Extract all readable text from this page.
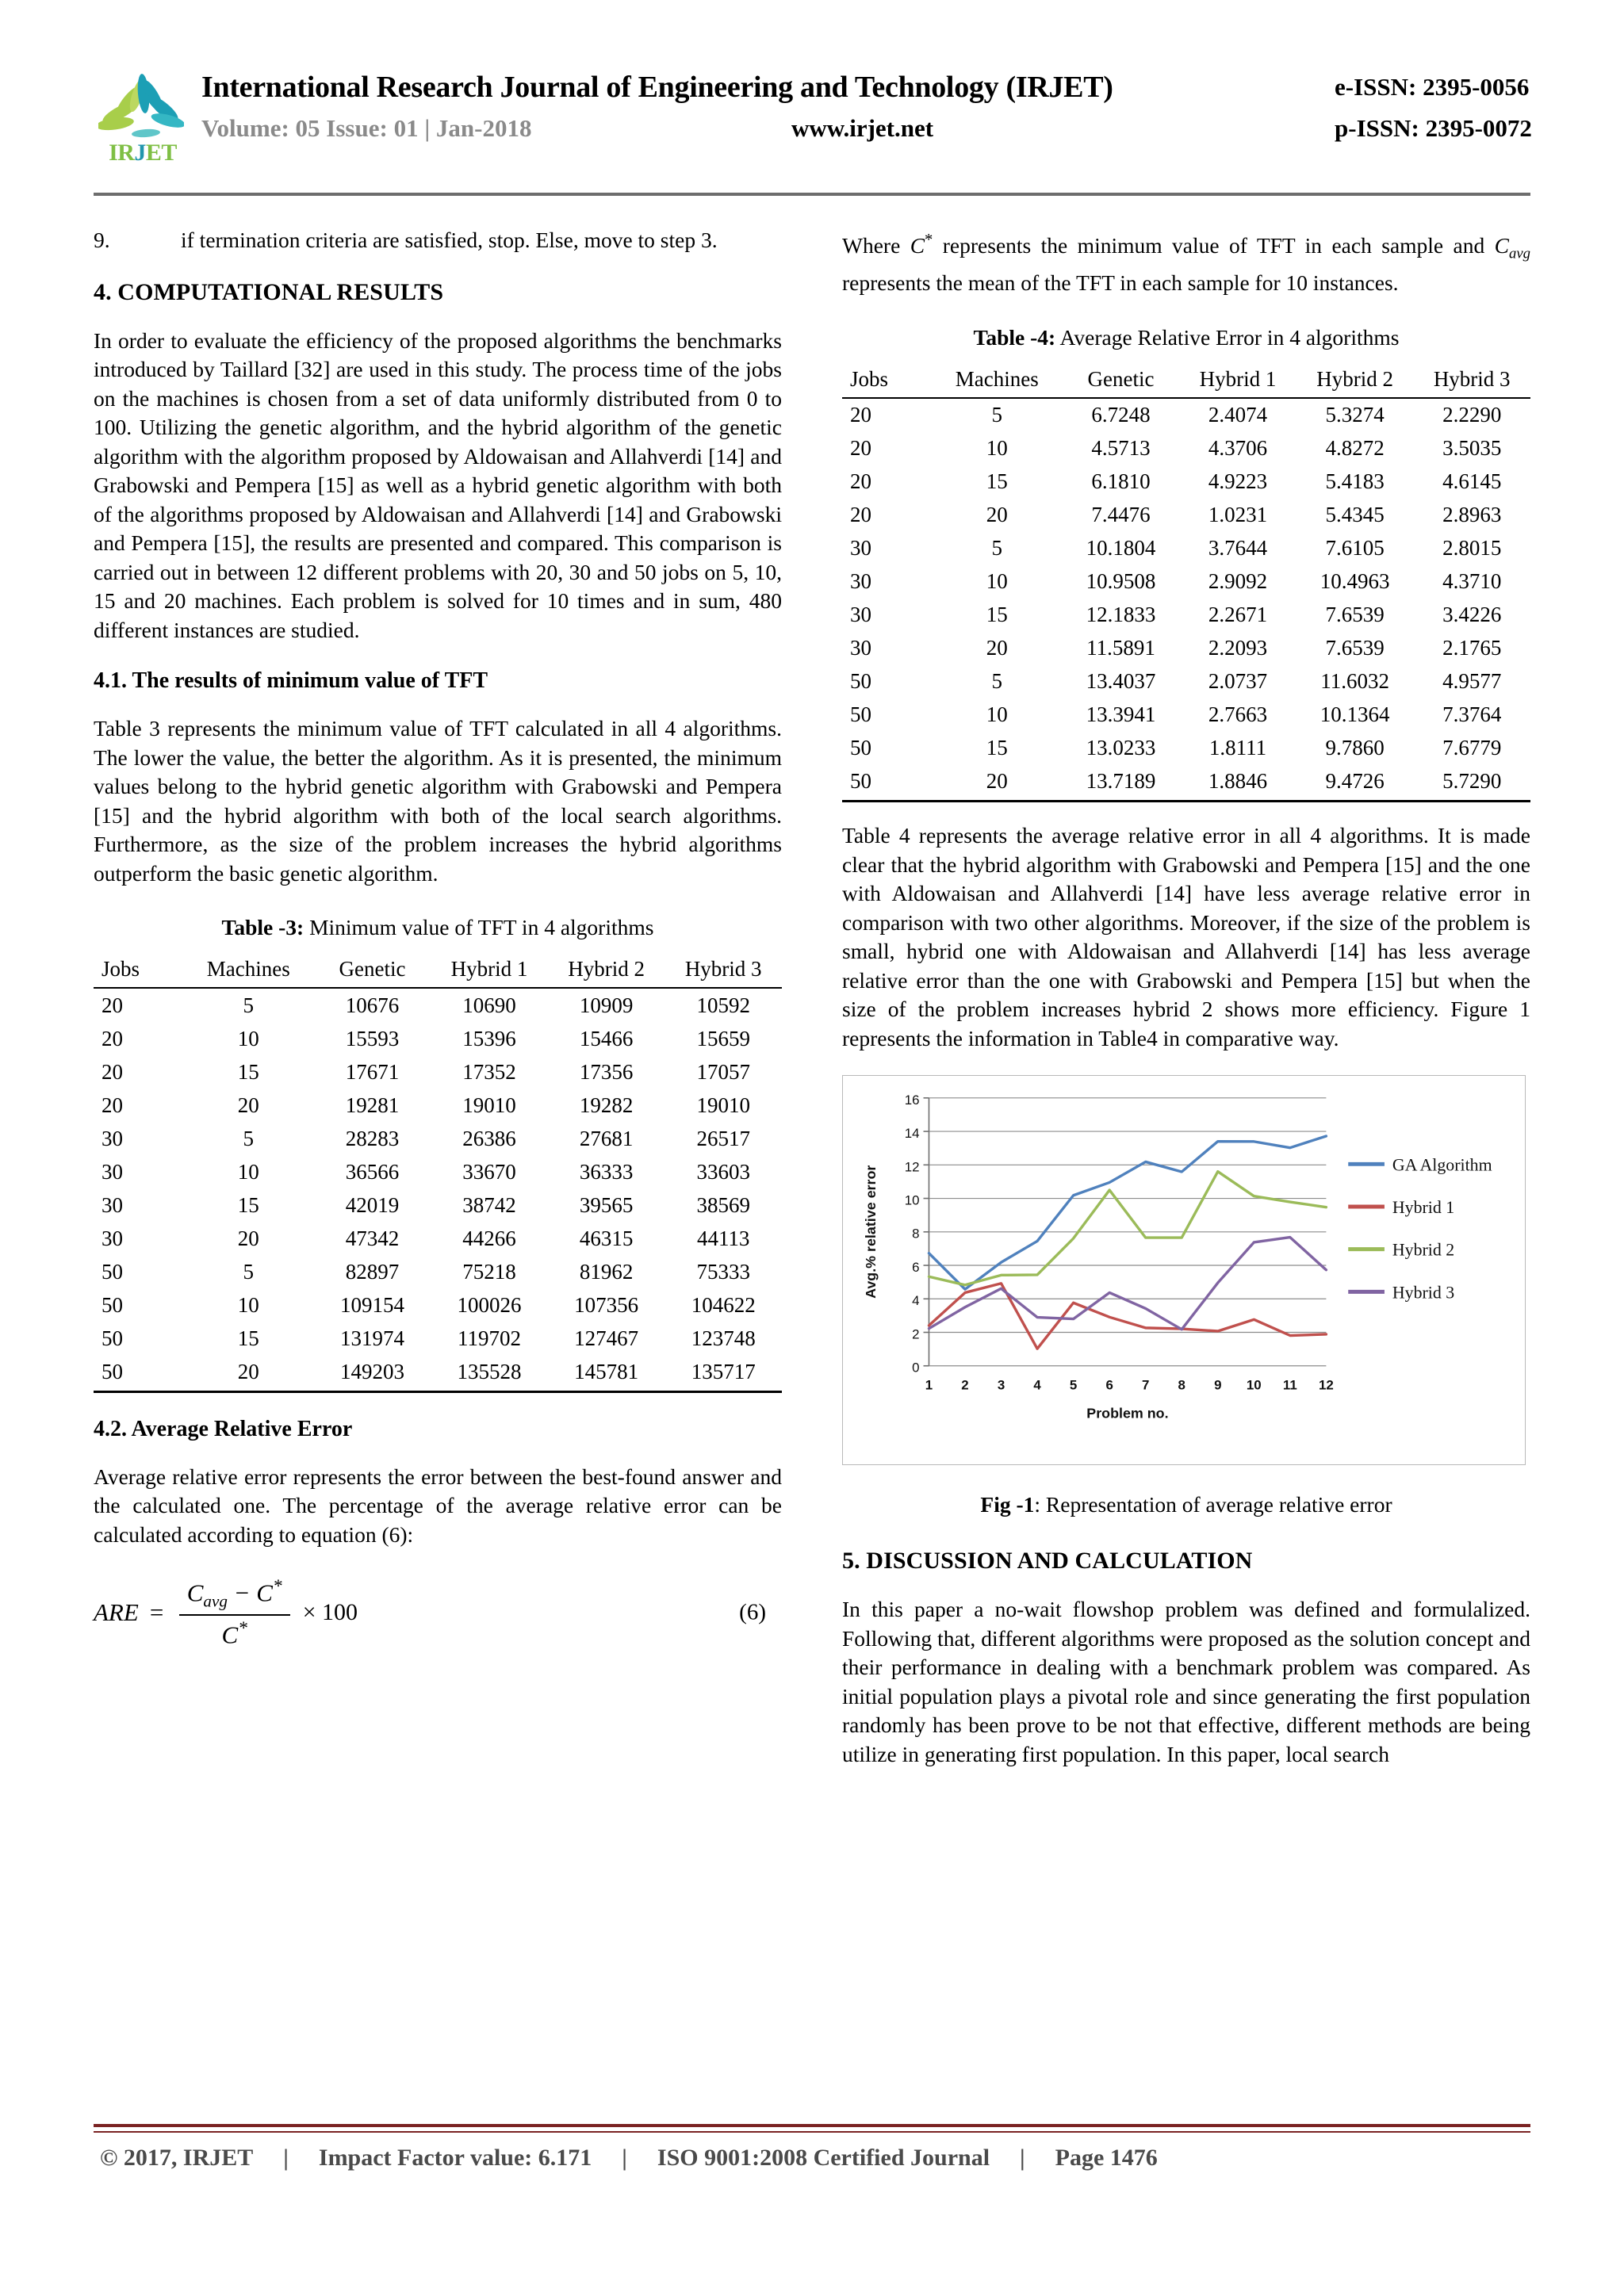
IRJET
International Research Journal of Engineering and Technology (IRJET)	e-ISSN: 2395-0056
Volume: 05 Issue: 01 | Jan-2018	www.irjet.net	p-ISSN: 2395-0072
9.	if termination criteria are satisfied, stop. Else, move to step 3.
4. COMPUTATIONAL RESULTS

In order to evaluate the efficiency of the proposed algorithms the benchmarks introduced by Taillard [32] are used in this study. The process time of the jobs on the machines is chosen from a set of data uniformly distributed from 0 to 100. Utilizing the genetic algorithm, and the hybrid algorithm of the genetic algorithm with the algorithm proposed by Aldowaisan and Allahverdi [14] and Grabowski and Pempera [15] as well as a hybrid genetic algorithm with both of the algorithms proposed by Aldowaisan and Allahverdi [14] and Grabowski and Pempera [15], the results are presented and compared. This comparison is carried out in between 12 different problems with 20, 30 and 50 jobs on 5, 10, 15 and 20 machines. Each problem is solved for 10 times and in sum, 480 different instances are studied.

4.1. The results of minimum value of TFT

Table 3 represents the minimum value of TFT calculated in all 4 algorithms. The lower the value, the better the algorithm. As it is presented, the minimum values belong to the hybrid genetic algorithm with Grabowski and Pempera [15] and the hybrid algorithm with both of the local search algorithms. Furthermore, as the size of the problem increases the hybrid algorithms outperform the basic genetic algorithm.

Table -3: Minimum value of TFT in 4 algorithms
Jobs	Machines	Genetic	Hybrid 1	Hybrid 2	Hybrid 3
20	5	10676	10690	10909	10592
20	10	15593	15396	15466	15659
20	15	17671	17352	17356	17057
20	20	19281	19010	19282	19010
30	5	28283	26386	27681	26517
30	10	36566	33670	36333	33603
30	15	42019	38742	39565	38569
30	20	47342	44266	46315	44113
50	5	82897	75218	81962	75333
50	10	109154	100026	107356	104622
50	15	131974	119702	127467	123748
50	20	149203	135528	145781	135717
4.2. Average Relative Error

Average relative error represents the error between the best-found answer and the calculated one. The percentage of the average relative error can be calculated according to equation (6):

ARE = $\frac{C_{avg} - C^*}{C^*} \times 100$	(6)

Where C* represents the minimum value of TFT in each sample and $C_{avg}$ represents the mean of the TFT in each sample for 10 instances.

Table -4: Average Relative Error in 4 algorithms
Jobs	Machines	Genetic	Hybrid 1	Hybrid 2	Hybrid 3
20	5	6.7248	2.4074	5.3274	2.2290
20	10	4.5713	4.3706	4.8272	3.5035
20	15	6.1810	4.9223	5.4183	4.6145
20	20	7.4476	1.0231	5.4345	2.8963
30	5	10.1804	3.7644	7.6105	2.8015
30	10	10.9508	2.9092	10.4963	4.3710
30	15	12.1833	2.2671	7.6539	3.4226
30	20	11.5891	2.2093	7.6539	2.1765
50	5	13.4037	2.0737	11.6032	4.9577
50	10	13.3941	2.7663	10.1364	7.3764
50	15	13.0233	1.8111	9.7860	7.6779
50	20	13.7189	1.8846	9.4726	5.7290

Table 4 represents the average relative error in all 4 algorithms. It is made clear that the hybrid algorithm with Grabowski and Pempera [15] and the one with Aldowaisan and Allahverdi [14] have less average relative error in comparison with two other algorithms. Moreover, if the size of the problem is small, hybrid one with Aldowaisan and Allahverdi [14] has less average relative error than the one with Grabowski and Pempera [15] but when the size of the problem increases hybrid 2 shows more efficiency. Figure 1 represents the information in Table4 in comparative way.

0
2
4
6
8
10
12
14
16
1 2 3 4 5 6 7 8 9 10 11 12
Problem no.
Avg.% relative error
GA Algorithm
Hybrid 1
Hybrid 2
Hybrid 3
Fig -1: Representation of average relative error
5. DISCUSSION AND CALCULATION

In this paper a no-wait flowshop problem was defined and formulalized. Following that, different algorithms were proposed as the solution concept and their performance in dealing with a benchmark problem was compared. As initial population plays a pivotal role and since generating the first population randomly has been prove to be not that effective, different methods are being utilize in generating first population. In this paper, local search

© 2017, IRJET	|	Impact Factor value: 6.171	|	ISO 9001:2008 Certified Journal	|	Page 1476
